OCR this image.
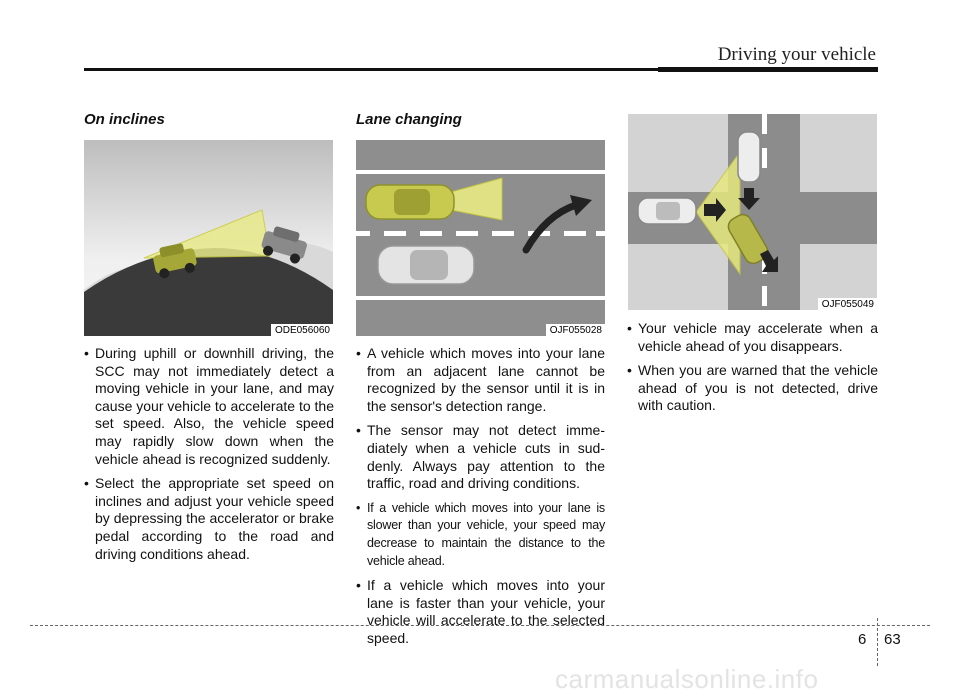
Driving your vehicle
On inclines
ODE056060
• During uphill or downhill driving, the SCC may not immediately detect a moving vehicle in your lane, and may cause your vehicle to accelerate to the set speed. Also, the vehicle speed may rapidly slow down when the vehicle ahead is recognized suddenly.
• Select the appropriate set speed on inclines and adjust your vehicle speed by depressing the accelerator or brake pedal according to the road and driving conditions ahead.
Lane changing
OJF055028
• A vehicle which moves into your lane from an adjacent lane cannot be recognized by the sensor until it is in the sensor's detection range.
• The sensor may not detect immediately when a vehicle cuts in suddenly. Always pay attention to the traffic, road and driving conditions.
• If a vehicle which moves into your lane is slower than your vehicle, your speed may decrease to maintain the distance to the vehicle ahead.
• If a vehicle which moves into your lane is faster than your vehicle, your vehicle will accelerate to the selected speed.
OJF055049
• Your vehicle may accelerate when a vehicle ahead of you disappears.
• When you are warned that the vehicle ahead of you is not detected, drive with caution.
6 63
carmanualsonline.info
